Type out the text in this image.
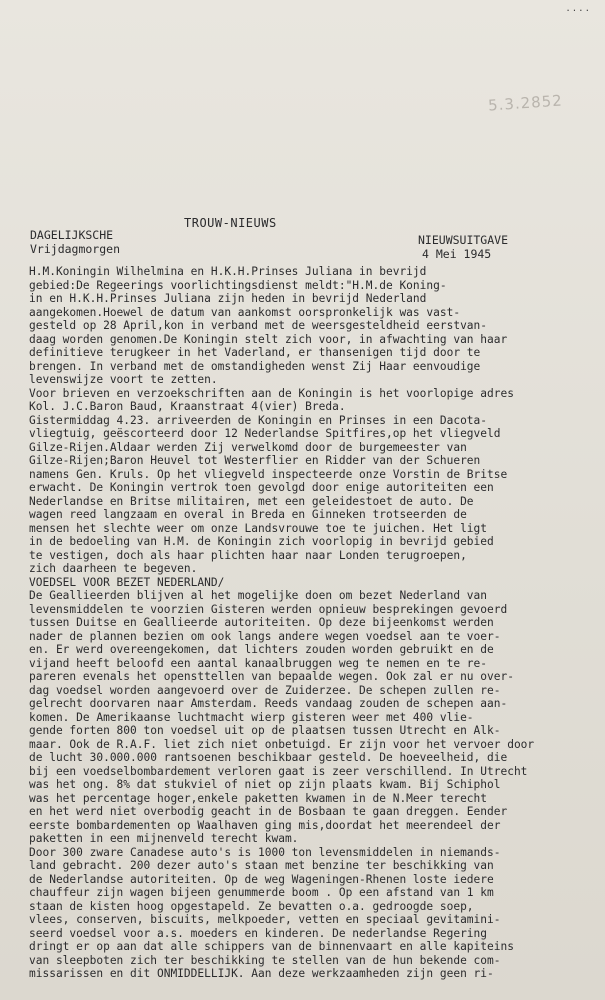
....
5.3.2852
TROUW-NIEUWS
DAGELIJKSCHE
Vrijdagmorgen
NIEUWSUITGAVE
4 Mei 1945
H.M.Koningin Wilhelmina en H.K.H.Prinses Juliana in bevrijd
gebied:De Regeerings voorlichtingsdienst meldt:"H.M.de Koning-
in en H.K.H.Prinses Juliana zijn heden in bevrijd Nederland
aangekomen.Hoewel de datum van aankomst oorspronkelijk was vast-
gesteld op 28 April,kon in verband met de weersgesteldheid eerstvan-
daag worden genomen.De Koningin stelt zich voor, in afwachting van haar
definitieve terugkeer in het Vaderland, er thansenigen tijd door te
brengen. In verband met de omstandigheden wenst Zij Haar eenvoudige
levenswijze voort te zetten.
Voor brieven en verzoekschriften aan de Koningin is het voorlopige adres
Kol. J.C.Baron Baud, Kraanstraat 4(vier) Breda.
Gistermiddag 4.23. arriveerden de Koningin en Prinses in een Dacota-
vliegtuig, geëscorteerd door 12 Nederlandse Spitfires,op het vliegveld
Gilze-Rijen.Aldaar werden Zij verwelkomd door de burgemeester van
Gilze-Rijen;Baron Heuvel tot Westerflier en Ridder van der Schueren
namens Gen. Kruls. Op het vliegveld inspecteerde onze Vorstin de Britse
erwacht. De Koningin vertrok toen gevolgd door enige autoriteiten een
Nederlandse en Britse militairen, met een geleidestoet de auto. De
wagen reed langzaam en overal in Breda en Ginneken trotseerden de
mensen het slechte weer om onze Landsvrouwe toe te juichen. Het ligt
in de bedoeling van H.M. de Koningin zich voorlopig in bevrijd gebied
te vestigen, doch als haar plichten haar naar Londen terugroepen,
zich daarheen te begeven.
VOEDSEL VOOR BEZET NEDERLAND/
De Geallieerden blijven al het mogelijke doen om bezet Nederland van
levensmiddelen te voorzien Gisteren werden opnieuw besprekingen gevoerd
tussen Duitse en Geallieerde autoriteiten. Op deze bijeenkomst werden
nader de plannen bezien om ook langs andere wegen voedsel aan te voer-
en. Er werd overeengekomen, dat lichters zouden worden gebruikt en de
vijand heeft beloofd een aantal kanaalbruggen weg te nemen en te re-
pareren evenals het opensttellen van bepaalde wegen. Ook zal er nu over-
dag voedsel worden aangevoerd over de Zuiderzee. De schepen zullen re-
gelrecht doorvaren naar Amsterdam. Reeds vandaag zouden de schepen aan-
komen. De Amerikaanse luchtmacht wierp gisteren weer met 400 vlie-
gende forten 800 ton voedsel uit op de plaatsen tussen Utrecht en Alk-
maar. Ook de R.A.F. liet zich niet onbetuigd. Er zijn voor het vervoer door
de lucht 30.000.000 rantsoenen beschikbaar gesteld. De hoeveelheid, die
bij een voedselbombardement verloren gaat is zeer verschillend. In Utrecht
was het ong. 8% dat stukviel of niet op zijn plaats kwam. Bij Schiphol
was het percentage hoger,enkele paketten kwamen in de N.Meer terecht
en het werd niet overbodig geacht in de Bosbaan te gaan dreggen. Eender
eerste bombardementen op Waalhaven ging mis,doordat het meerendeel der
paketten in een mijnenveld terecht kwam.
Door 300 zware Canadese auto's is 1000 ton levensmiddelen in niemands-
land gebracht. 200 dezer auto's staan met benzine ter beschikking van
de Nederlandse autoriteiten. Op de weg Wageningen-Rhenen loste iedere
chauffeur zijn wagen bijeen genummerde boom . Op een afstand van 1 km
staan de kisten hoog opgestapeld. Ze bevatten o.a. gedroogde soep,
vlees, conserven, biscuits, melkpoeder, vetten en speciaal gevitamini-
seerd voedsel voor a.s. moeders en kinderen. De nederlandse Regering
dringt er op aan dat alle schippers van de binnenvaart en alle kapiteins
van sleepboten zich ter beschikking te stellen van de hun bekende com-
missarissen en dit ONMIDDELLIJK. Aan deze werkzaamheden zijn geen ri-
